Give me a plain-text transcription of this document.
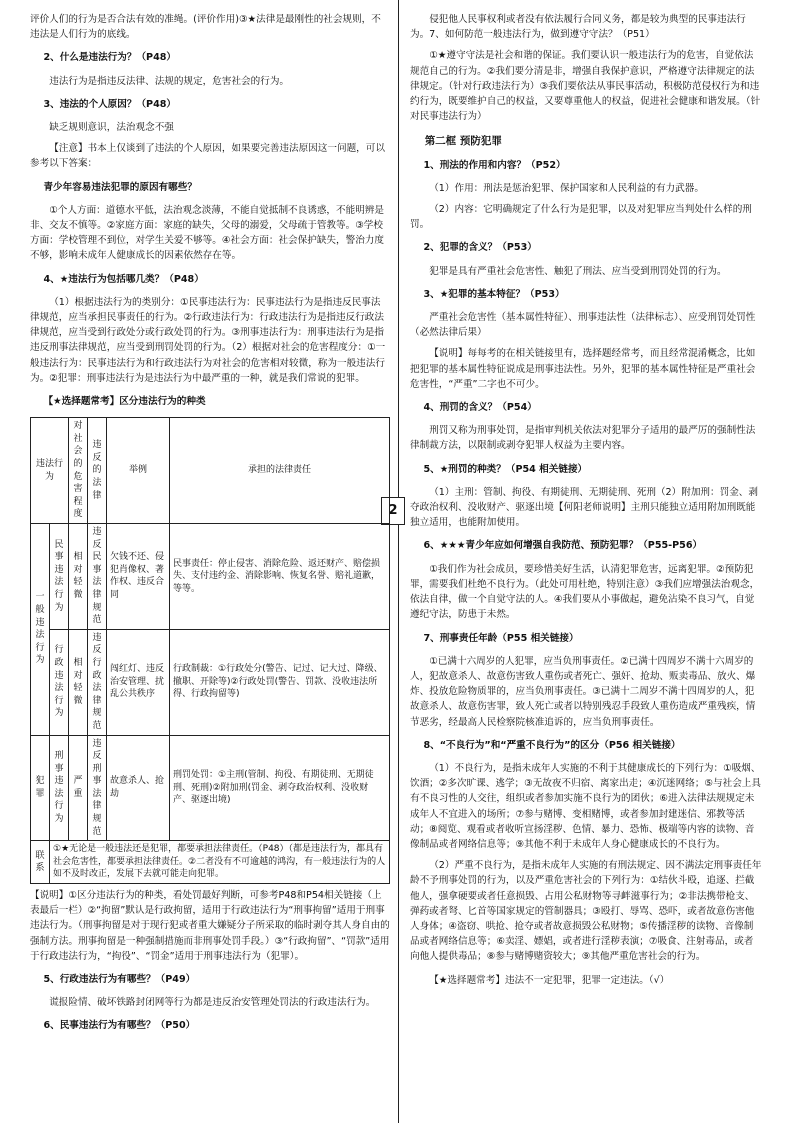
2

评价人们的行为是否合法有效的准绳。(评价作用)③★法律是最刚性的社会规则，不违法是人们行为的底线。

2、什么是违法行为？（P48）

违法行为是指违反法律、法规的规定，危害社会的行为。

3、违法的个人原因？（P48）

缺乏规则意识，法治观念不强

【注意】书本上仅谈到了违法的个人原因，如果要完善违法原因这一问题，可以参考以下答案：

青少年容易违法犯罪的原因有哪些？

①个人方面：道德水平低，法治观念淡薄，不能自觉抵制不良诱惑，不能明辨是非、交友不慎等。②家庭方面：家庭的缺失，父母的溺爱，父母疏于管教等。③学校方面：学校管理不到位，对学生关爱不够等。④社会方面：社会保护缺失，警治力度不够，影响未成年人健康成长的因素依然存在等。

4、★违法行为包括哪几类？（P48）

（1）根据违法行为的类别分：①民事违法行为：民事违法行为是指违反民事法律规范，应当承担民事责任的行为。②行政违法行为：行政违法行为是指违反行政法律规范，应当受到行政处分或行政处罚的行为。③刑事违法行为：刑事违法行为是指违反刑事法律规范，应当受到刑罚处罚的行为。（2）根据对社会的危害程度分：①一般违法行为：民事违法行为和行政违法行为对社会的危害相对较微，称为一般违法行为。②犯罪：刑事违法行为是违法行为中最严重的一种，就是我们常说的犯罪。

【★选择题常考】区分违法行为的种类
违法行为		对社会的危害程度	违反的法律	举例	承担的法律责任
一般违法行为	民事违法行为	相对轻微	违反民事法律规范	欠钱不还、侵犯肖像权、著作权、违反合同	民事责任：停止侵害、消除危险、返还财产、赔偿损失、支付违约金、消除影响、恢复名誉、赔礼道歉，等等。
	行政违法行为	相对轻微	违反行政法律规范	闯红灯、违反治安管理、扰乱公共秩序	行政制裁：①行政处分(警告、记过、记大过、降级、撤职、开除等)②行政处罚(警告、罚款、没收违法所得、行政拘留等)
犯罪	刑事违法行为	严重	违反刑事法律规范	故意杀人、抢劫	刑罚处罚：①主刑(管制、拘役、有期徒刑、无期徒刑、死刑)②附加刑(罚金、剥夺政治权利、没收财产、驱逐出境)
联系	①★无论是一般违法还是犯罪，都要承担法律责任。（P48）（都是违法行为，都具有社会危害性，都要承担法律责任。②二者没有不可逾越的鸿沟，有一般违法行为的人如不及时改正，发展下去就可能走向犯罪。				

【说明】①区分违法行为的种类，看处罚最好判断，可参考P48和P54相关链接（上表最后一栏）②“拘留”默认是行政拘留，适用于行政违法行为“刑事拘留”适用于刑事违法行为。（刑事拘留是对于现行犯或者重大嫌疑分子所采取的临时剥夺其人身自由的强制方法。刑事拘留是一种强制措施而非刑事处罚手段。）③“行政拘留”、“罚款”适用于行政违法行为，“拘役”、“罚金”适用于刑事违法行为（犯罪）。

5、行政违法行为有哪些？（P49）

谎报险情、破坏铁路封闭网等行为都是违反治安管理处罚法的行政违法行为。

6、民事违法行为有哪些？（P50）

侵犯他人民事权利或者没有依法履行合同义务，都是较为典型的民事违法行为。7、如何防范一般违法行为，做到遵守守法？（P51）

①★遵守守法是社会和谐的保证。我们要认识一般违法行为的危害，自觉依法规范自己的行为。②我们要分清是非，增强自我保护意识，严格遵守法律规定的法律规定。（针对行政违法行为）③我们要依法从事民事活动，积极防范侵权行为和违约行为，既要维护自己的权益，又要尊重他人的权益，促进社会健康和谐发展。（针对民事违法行为）

第二框 预防犯罪
1、刑法的作用和内容？（P52）

（1）作用：刑法是惩治犯罪、保护国家和人民利益的有力武器。

（2）内容：它明确规定了什么行为是犯罪，以及对犯罪应当判处什么样的刑罚。

2、犯罪的含义？（P53）

犯罪是具有严重社会危害性、触犯了刑法、应当受到刑罚处罚的行为。

3、★犯罪的基本特征？（P53）

严重社会危害性（基本属性特征）、刑事违法性（法律标志）、应受刑罚处罚性（必然法律后果）

【说明】每每考的在相关链接里有，选择题经常考，而且经常混淆概念，比如把犯罪的基本属性特征说成是刑事违法性。另外，犯罪的基本属性特征是严重社会危害性，“严重”二字也不可少。

4、刑罚的含义？（P54）

刑罚又称为刑事处罚，是指审判机关依法对犯罪分子适用的最严厉的强制性法律制裁方法，以限制或剥夺犯罪人权益为主要内容。

5、★刑罚的种类？（P54 相关链接）

（1）主刑：管制、拘役、有期徒刑、无期徒刑、死刑（2）附加刑：罚金、剥夺政治权利、没收财产、驱逐出境【何阳老师说明】主刑只能独立适用附加刑既能独立适用，也能附加使用。

6、★★★青少年应如何增强自我防范、预防犯罪？（P55-P56）

①我们作为社会成员，要珍惜美好生活，认清犯罪危害，远离犯罪。②预防犯罪，需要我们杜绝不良行为。（此处可用杜绝，特别注意）③我们应增强法治观念，依法自律，做一个自觉守法的人。④我们要从小事做起，避免沾染不良习气，自觉遵纪守法，防患于未然。

7、刑事责任年龄（P55 相关链接）

①已满十六周岁的人犯罪，应当负刑事责任。②已满十四周岁不满十六周岁的人，犯故意杀人、故意伤害致人重伤或者死亡、强奸、抢劫、贩卖毒品、放火、爆炸、投放危险物质罪的，应当负刑事责任。③已满十二周岁不满十四周岁的人，犯故意杀人、故意伤害罪，致人死亡或者以特别残忍手段致人重伤造成严重残疾，情节恶劣，经最高人民检察院核准追诉的，应当负刑事责任。

8、“不良行为”和“严重不良行为”的区分（P56 相关链接）

（1）不良行为，是指未成年人实施的不利于其健康成长的下列行为：①吸烟、饮酒；②多次旷课、逃学；③无故夜不归宿、离家出走；④沉迷网络；⑤与社会上具有不良习性的人交往，组织或者参加实施不良行为的团伙；⑥进入法律法规规定未成年人不宜进入的场所；⑦参与赌博、变相赌博，或者参加封建迷信、邪教等活动；⑧阅览、观看或者收听宣扬淫秽、色情、暴力、恐怖、极端等内容的读物、音像制品或者网络信息等；⑨其他不利于未成年人身心健康成长的不良行为。

（2）严重不良行为，是指未成年人实施的有刑法规定、因不满法定刑事责任年龄不予刑事处罚的行为，以及严重危害社会的下列行为：①结伙斗殴，追逐、拦截他人，强拿硬要或者任意损毁、占用公私财物等寻衅滋事行为；②非法携带枪支、弹药或者弩、匕首等国家规定的管制器具；③殴打、辱骂、恐吓，或者故意伤害他人身体；④盗窃、哄抢、抢夺或者故意损毁公私财物；⑤传播淫秽的读物、音像制品或者网络信息等；⑥卖淫、嫖娼，或者进行淫秽表演；⑦吸食、注射毒品，或者向他人提供毒品；⑧参与赌博赌资较大；⑨其他严重危害社会的行为。

【★选择题常考】违法不一定犯罪，犯罪一定违法。（√）
